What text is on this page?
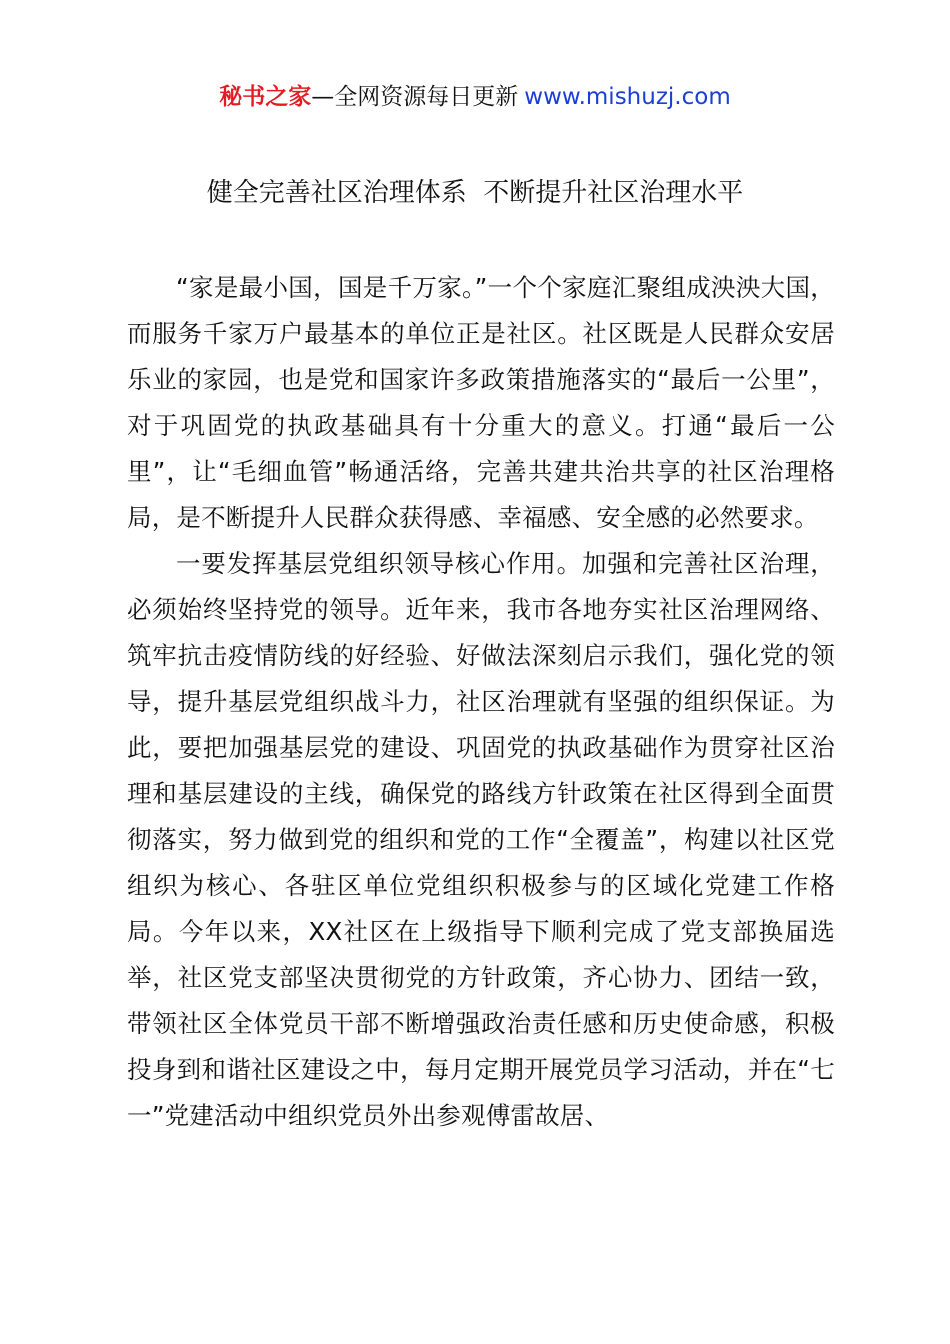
秘书之家—全网资源每日更新 www.mishuzj.com
健全完善社区治理体系  不断提升社区治理水平

“家是最小国，国是千万家。”一个个家庭汇聚组成泱泱大国，而服务千家万户最基本的单位正是社区。社区既是人民群众安居乐业的家园，也是党和国家许多政策措施落实的“最后一公里”，对于巩固党的执政基础具有十分重大的意义。打通“最后一公里”，让“毛细血管”畅通活络，完善共建共治共享的社区治理格局，是不断提升人民群众获得感、幸福感、安全感的必然要求。

一要发挥基层党组织领导核心作用。加强和完善社区治理，必须始终坚持党的领导。近年来，我市各地夯实社区治理网络、筑牢抗击疫情防线的好经验、好做法深刻启示我们，强化党的领导，提升基层党组织战斗力，社区治理就有坚强的组织保证。为此，要把加强基层党的建设、巩固党的执政基础作为贯穿社区治理和基层建设的主线，确保党的路线方针政策在社区得到全面贯彻落实，努力做到党的组织和党的工作“全覆盖”，构建以社区党组织为核心、各驻区单位党组织积极参与的区域化党建工作格局。今年以来，XX社区在上级指导下顺利完成了党支部换届选举，社区党支部坚决贯彻党的方针政策，齐心协力、团结一致，带领社区全体党员干部不断增强政治责任感和历史使命感，积极投身到和谐社区建设之中，每月定期开展党员学习活动，并在“七一”党建活动中组织党员外出参观傅雷故居、
